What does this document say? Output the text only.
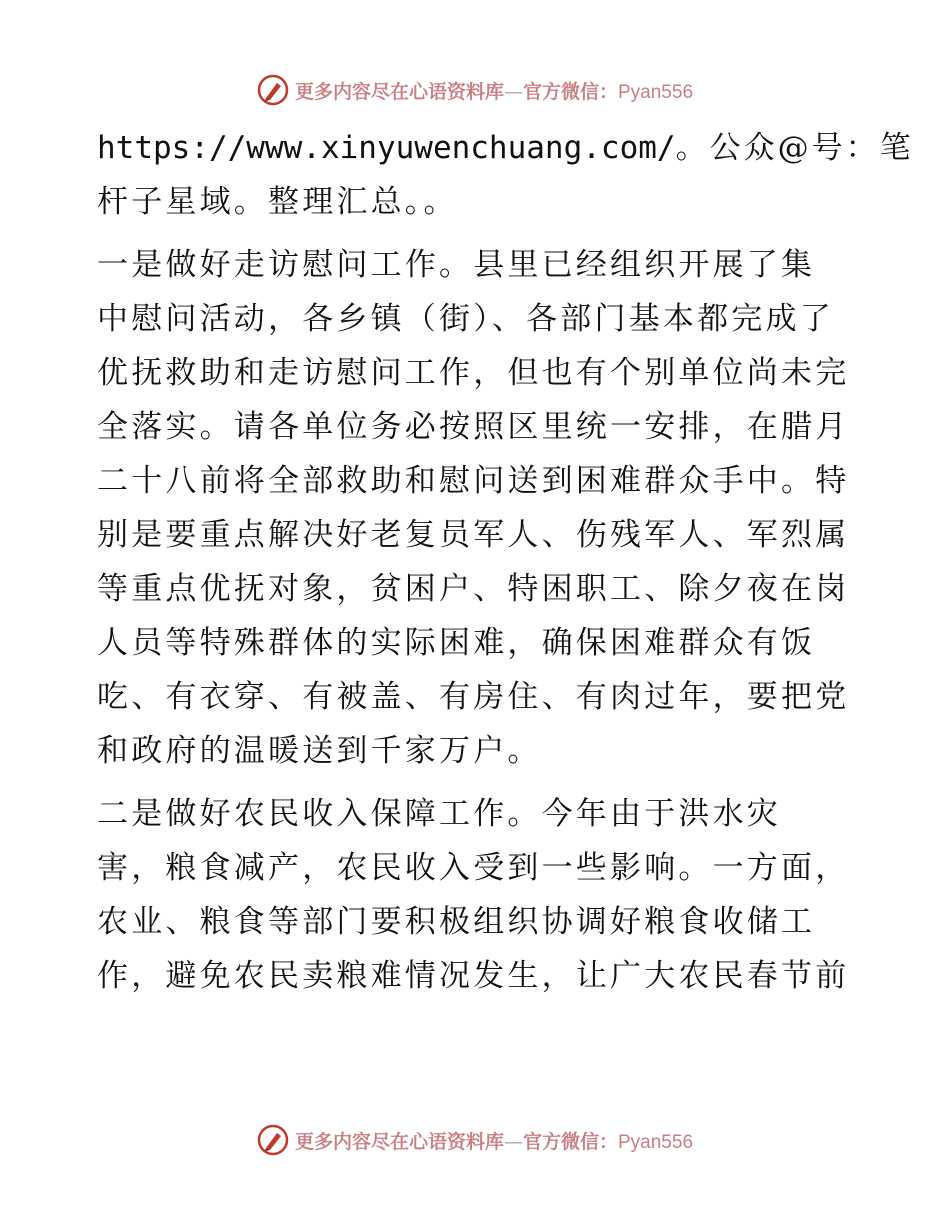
更多内容尽在心语资料库—官方微信：Pyan556
https://www.xinyuwenchuang.com/。公众@号：笔
杆子星域。整理汇总。。
一是做好走访慰问工作。县里已经组织开展了集
中慰问活动，各乡镇（街）、各部门基本都完成了
优抚救助和走访慰问工作，但也有个别单位尚未完
全落实。请各单位务必按照区里统一安排，在腊月
二十八前将全部救助和慰问送到困难群众手中。特
别是要重点解决好老复员军人、伤残军人、军烈属
等重点优抚对象，贫困户、特困职工、除夕夜在岗
人员等特殊群体的实际困难，确保困难群众有饭
吃、有衣穿、有被盖、有房住、有肉过年，要把党
和政府的温暖送到千家万户。
二是做好农民收入保障工作。今年由于洪水灾
害，粮食减产，农民收入受到一些影响。一方面，
农业、粮食等部门要积极组织协调好粮食收储工
作，避免农民卖粮难情况发生，让广大农民春节前
更多内容尽在心语资料库—官方微信：Pyan556
